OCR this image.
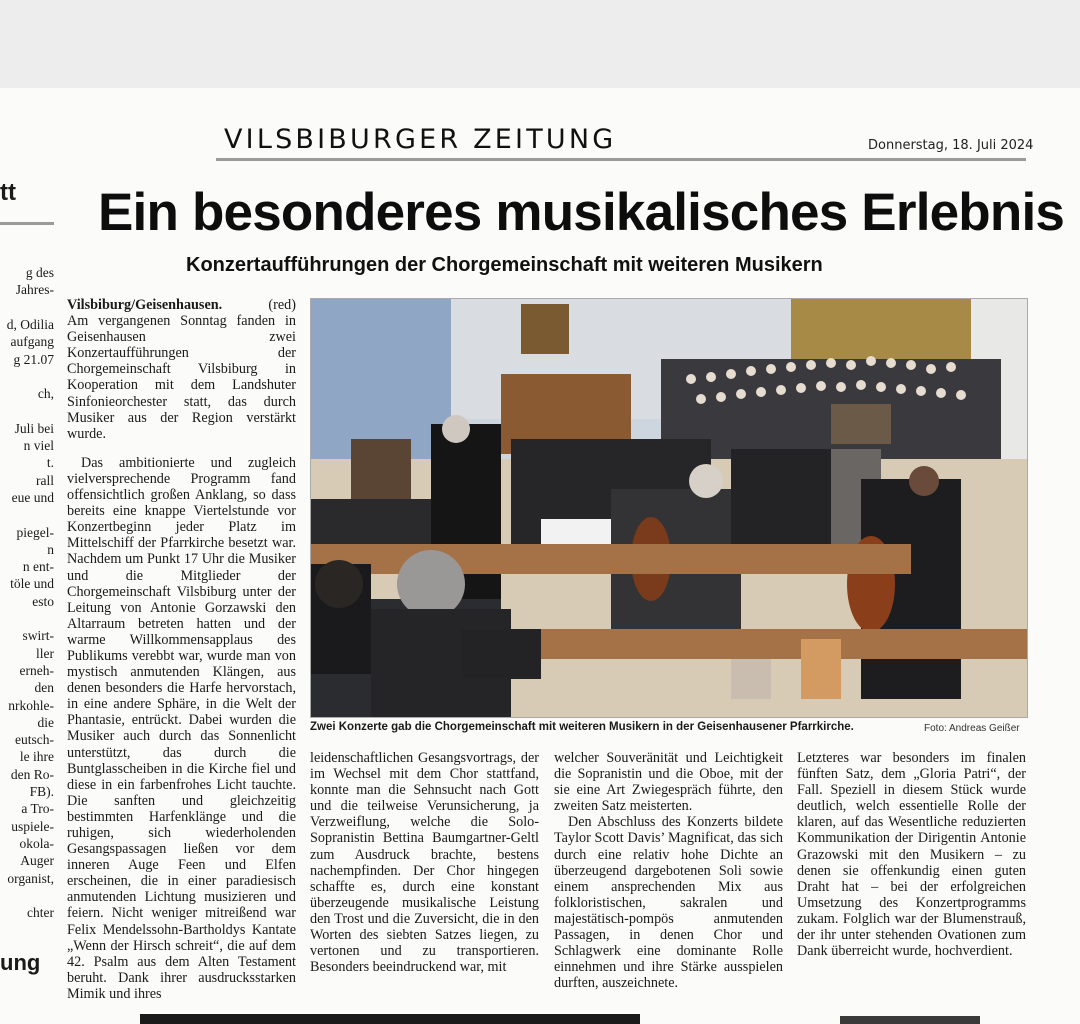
VILSBIBURGER ZEITUNG	Donnerstag, 18. Juli 2024
tt
g des
Jahres-
d, Odilia
aufgang
g 21.07
ch,
Juli bei
n viel
t.
rall
eue und
piegel-
n
n ent-
töle und
esto
swirt-
ller
erneh-
den
nrkohle-
die
eutsch-
le ihre
den Ro-
FB).
a Tro-
uspiele-
okola-
Auger
organist,
chter
ung
Ein besonderes musikalisches Erlebnis
Konzertaufführungen der Chorgemeinschaft mit weiteren Musikern

Vilsbiburg/Geisenhausen.	(red)

Am vergangenen Sonntag fanden in Geisenhausen zwei Konzertaufführungen der Chorgemeinschaft Vilsbiburg in Kooperation mit dem Landshuter Sinfonieorchester statt, das durch Musiker aus der Region verstärkt wurde.

Das ambitionierte und zugleich vielversprechende Programm fand offensichtlich großen Anklang, so dass bereits eine knappe Viertelstunde vor Konzertbeginn jeder Platz im Mittelschiff der Pfarrkirche besetzt war. Nachdem um Punkt 17 Uhr die Musiker und die Mitglieder der Chorgemeinschaft Vilsbiburg unter der Leitung von Antonie Gorzawski den Altarraum betreten hatten und der warme Willkommensapplaus des Publikums verebbt war, wurde man von mystisch anmutenden Klängen, aus denen besonders die Harfe hervorstach, in eine andere Sphäre, in die Welt der Phantasie, entrückt. Dabei wurden die Musiker auch durch das Sonnenlicht unterstützt, das durch die Buntglasscheiben in die Kirche fiel und diese in ein farbenfrohes Licht tauchte. Die sanften und gleichzeitig bestimmten Harfenklänge und die ruhigen, sich wiederholenden Gesangspassagen ließen vor dem inneren Auge Feen und Elfen erscheinen, die in einer paradiesisch anmutenden Lichtung musizieren und feiern. Nicht weniger mitreißend war Felix Mendelssohn-Bartholdys Kantate „Wenn der Hirsch schreit“, die auf dem 42. Psalm aus dem Alten Testament beruht. Dank ihrer ausdrucksstarken Mimik und ihres

Zwei Konzerte gab die Chorgemeinschaft mit weiteren Musikern in der Geisenhausener Pfarrkirche.	Foto: Andreas Geißer

leidenschaftlichen Gesangsvortrags, der im Wechsel mit dem Chor stattfand, konnte man die Sehnsucht nach Gott und die teilweise Verunsicherung, ja Verzweiflung, welche die Solo-Sopranistin Bettina Baumgartner-Geltl zum Ausdruck brachte, bestens nachempfinden. Der Chor hingegen schaffte es, durch eine konstant überzeugende musikalische Leistung den Trost und die Zuversicht, die in den Worten des siebten Satzes liegen, zu vertonen und zu transportieren. Besonders beeindruckend war, mit

welcher Souveränität und Leichtigkeit die Sopranistin und die Oboe, mit der sie eine Art Zwiegespräch führte, den zweiten Satz meisterten.

Den Abschluss des Konzerts bildete Taylor Scott Davis’ Magnificat, das sich durch eine relativ hohe Dichte an überzeugend dargebotenen Soli sowie einem ansprechenden Mix aus folkloristischen, sakralen und majestätisch-pompös anmutenden Passagen, in denen Chor und Schlagwerk eine dominante Rolle einnehmen und ihre Stärke ausspielen durften, auszeichnete.

Letzteres war besonders im finalen fünften Satz, dem „Gloria Patri“, der Fall. Speziell in diesem Stück wurde deutlich, welch essentielle Rolle der klaren, auf das Wesentliche reduzierten Kommunikation der Dirigentin Antonie Grazowski mit den Musikern – zu denen sie offenkundig einen guten Draht hat – bei der erfolgreichen Umsetzung des Konzertprogramms zukam. Folglich war der Blumenstrauß, der ihr unter stehenden Ovationen zum Dank überreicht wurde, hochverdient.
